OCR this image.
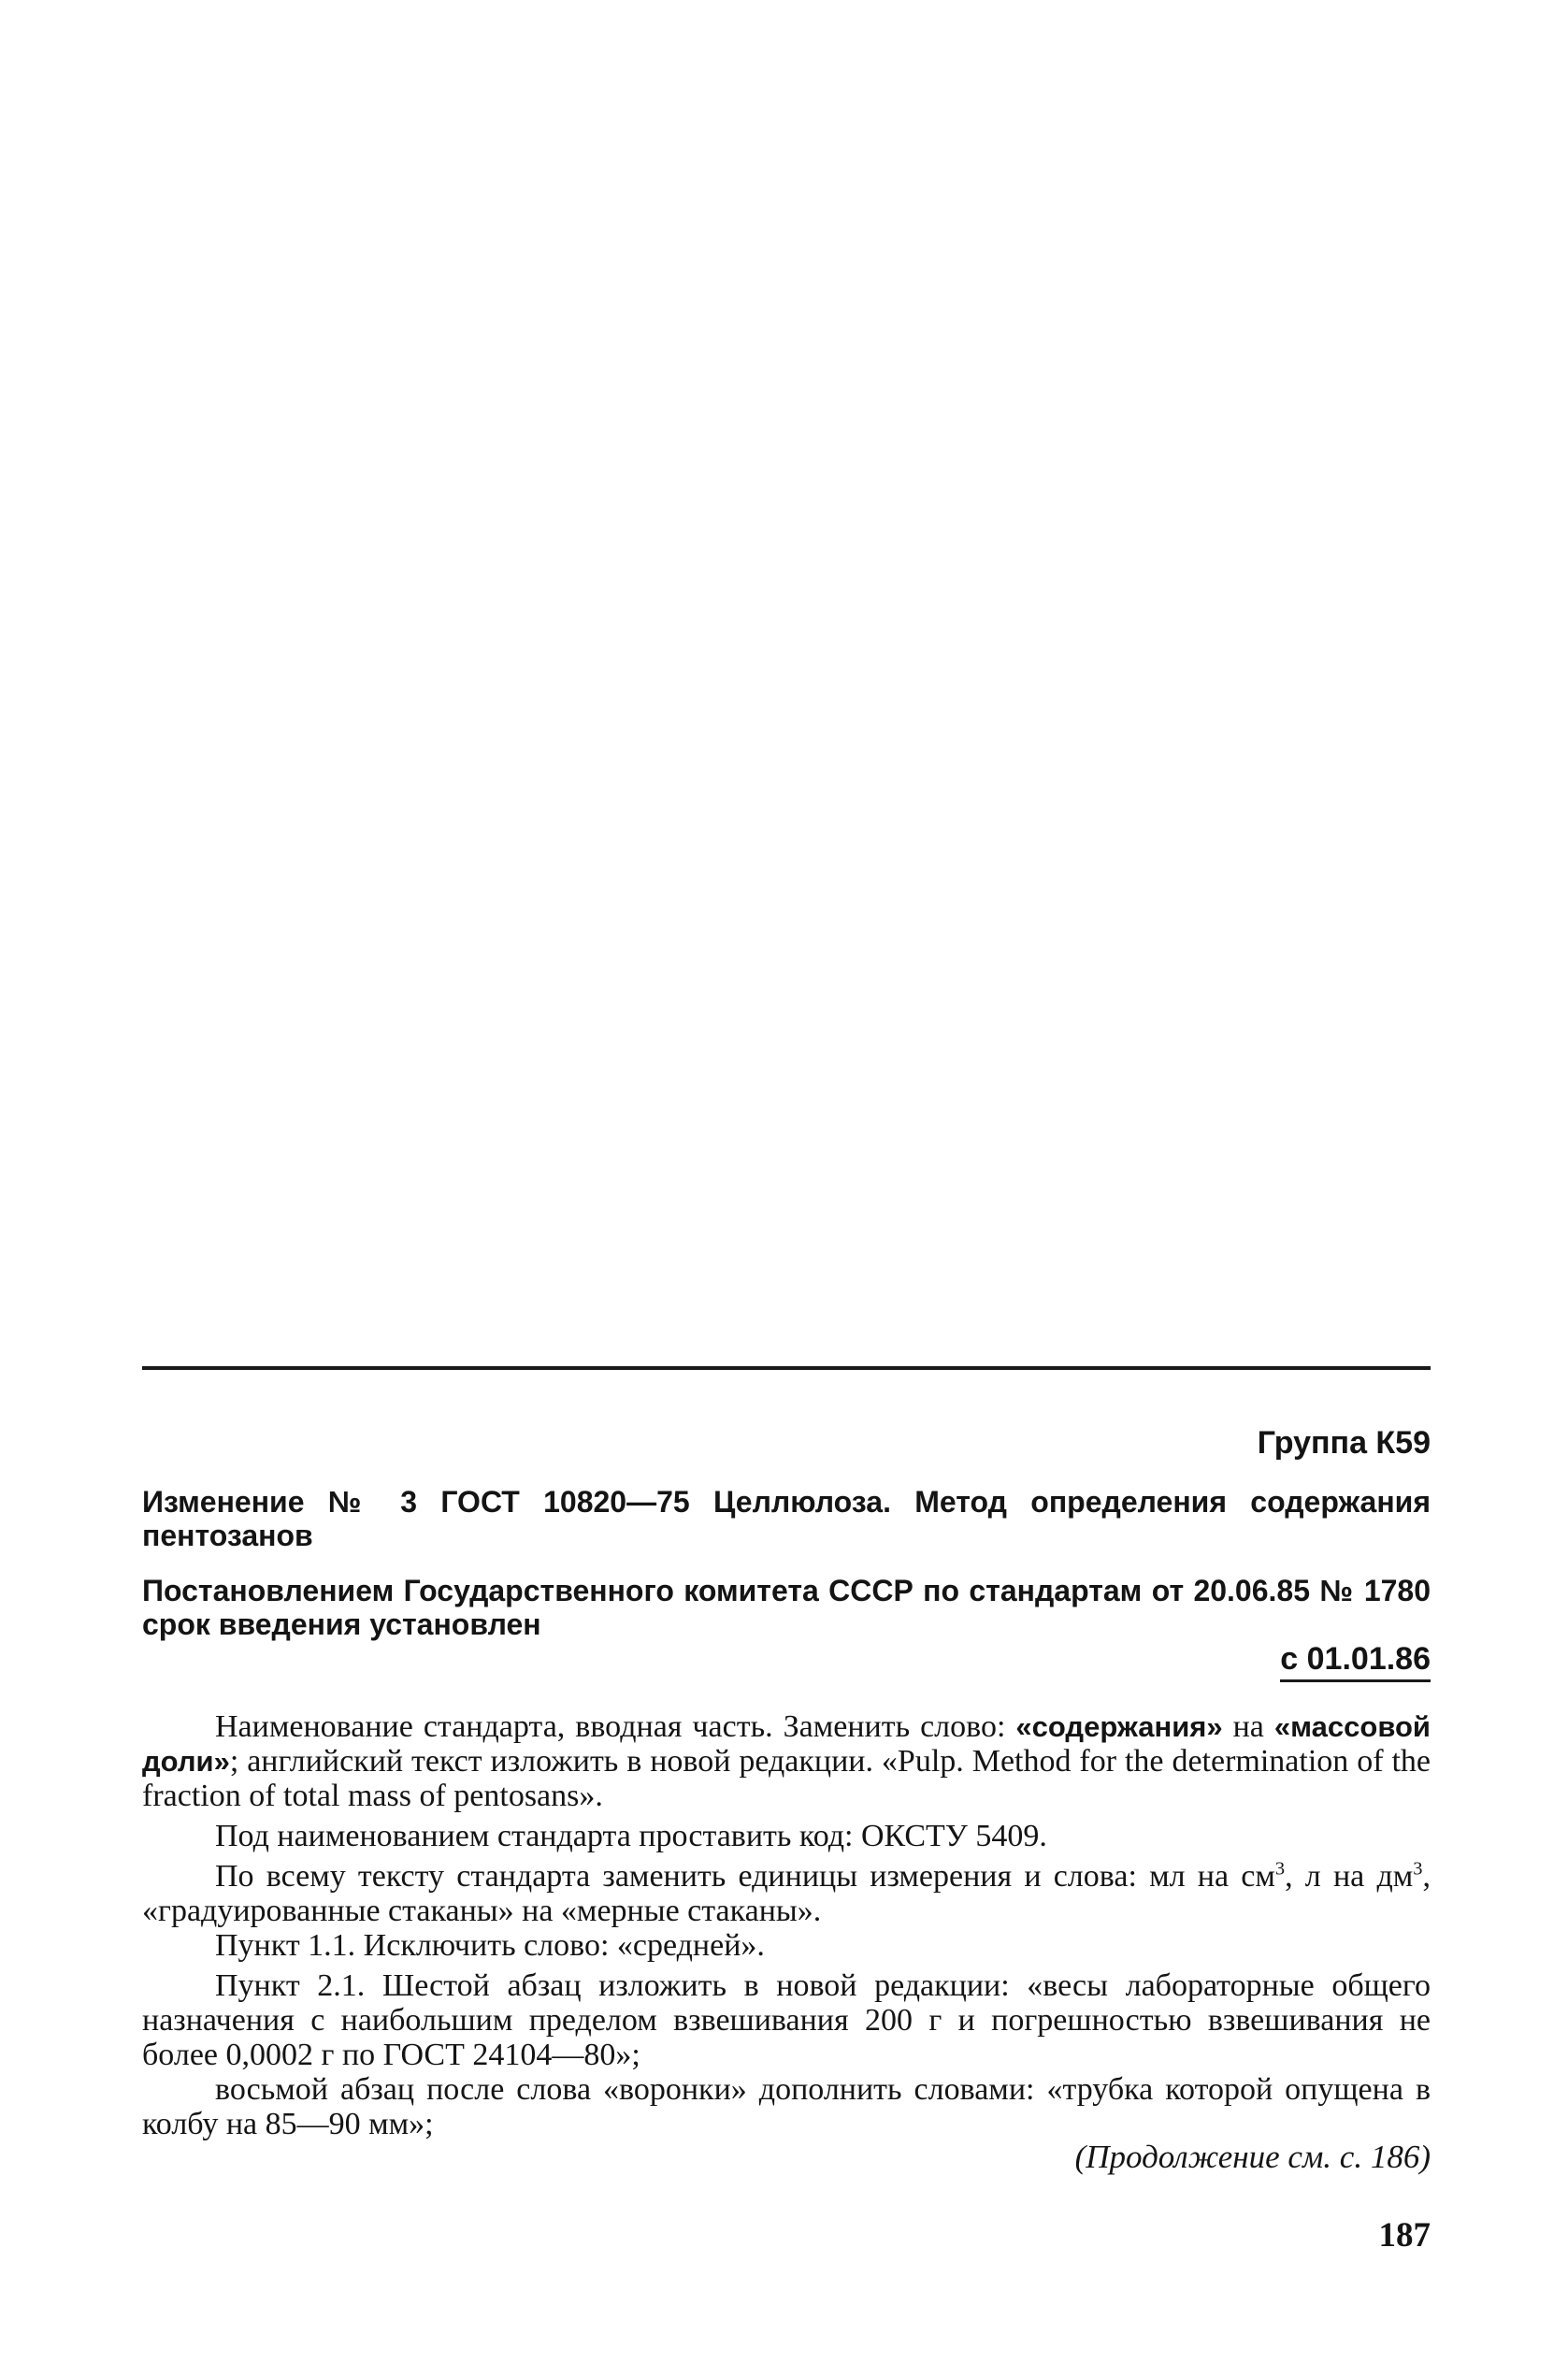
Группа К59
Изменение № 3 ГОСТ 10820—75 Целлюлоза. Метод определения содержания пентозанов
Постановлением Государственного комитета СССР по стандартам от 20.06.85 № 1780 срок введения установлен
с 01.01.86

Наименование стандарта, вводная часть. Заменить слово: «содержания» на «массовой доли»; английский текст изложить в новой редакции. «Pulp. Method for the determination of the fraction of total mass of pentosans».

Под наименованием стандарта проставить код: ОКСТУ 5409.

По всему тексту стандарта заменить единицы измерения и слова: мл на $см^3$, л на $дм^3$, «градуированные стаканы» на «мерные стаканы».

Пункт 1.1. Исключить слово: «средней».

Пункт 2.1. Шестой абзац изложить в новой редакции: «весы лабораторные общего назначения с наибольшим пределом взвешивания 200 г и погрешностью взвешивания не более 0,0002 г по ГОСТ 24104—80»;

восьмой абзац после слова «воронки» дополнить словами: «трубка которой опущена в колбу на 85—90 мм»;

(Продолжение см. с. 186)
187
